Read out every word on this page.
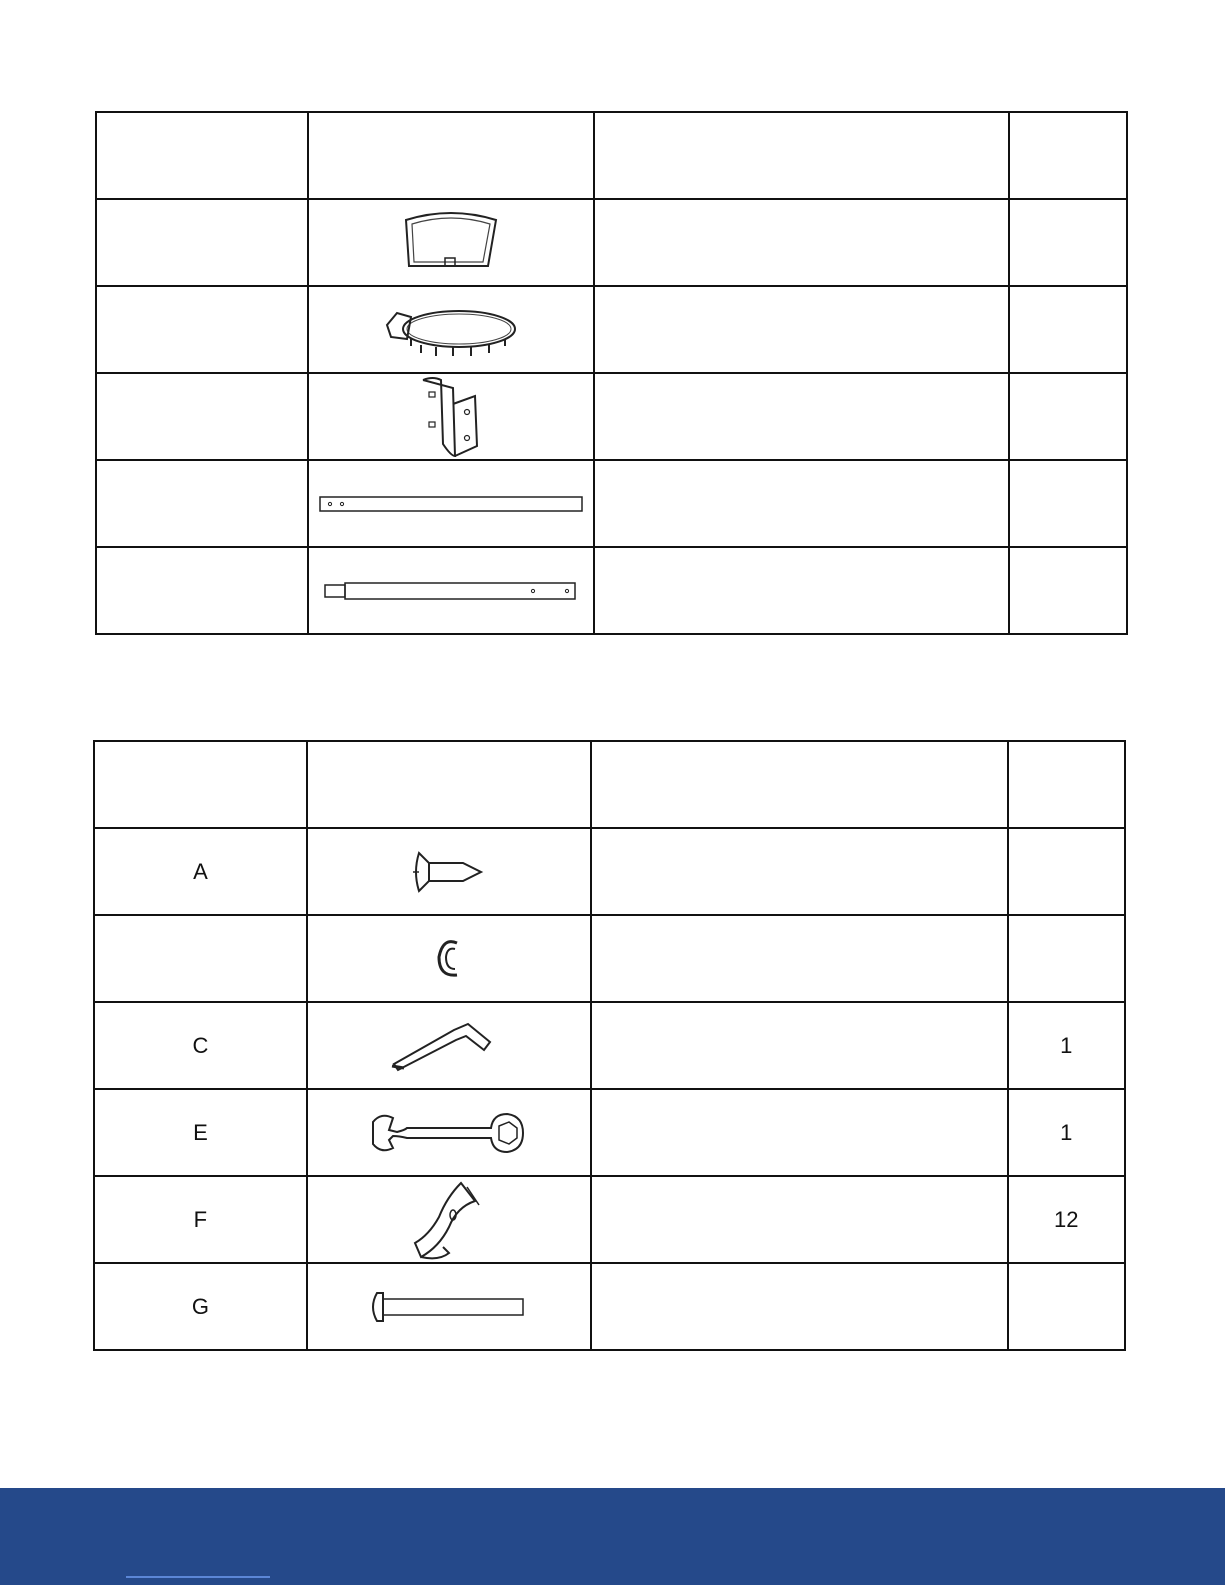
A	

C			1
E			1
F			12
G	
